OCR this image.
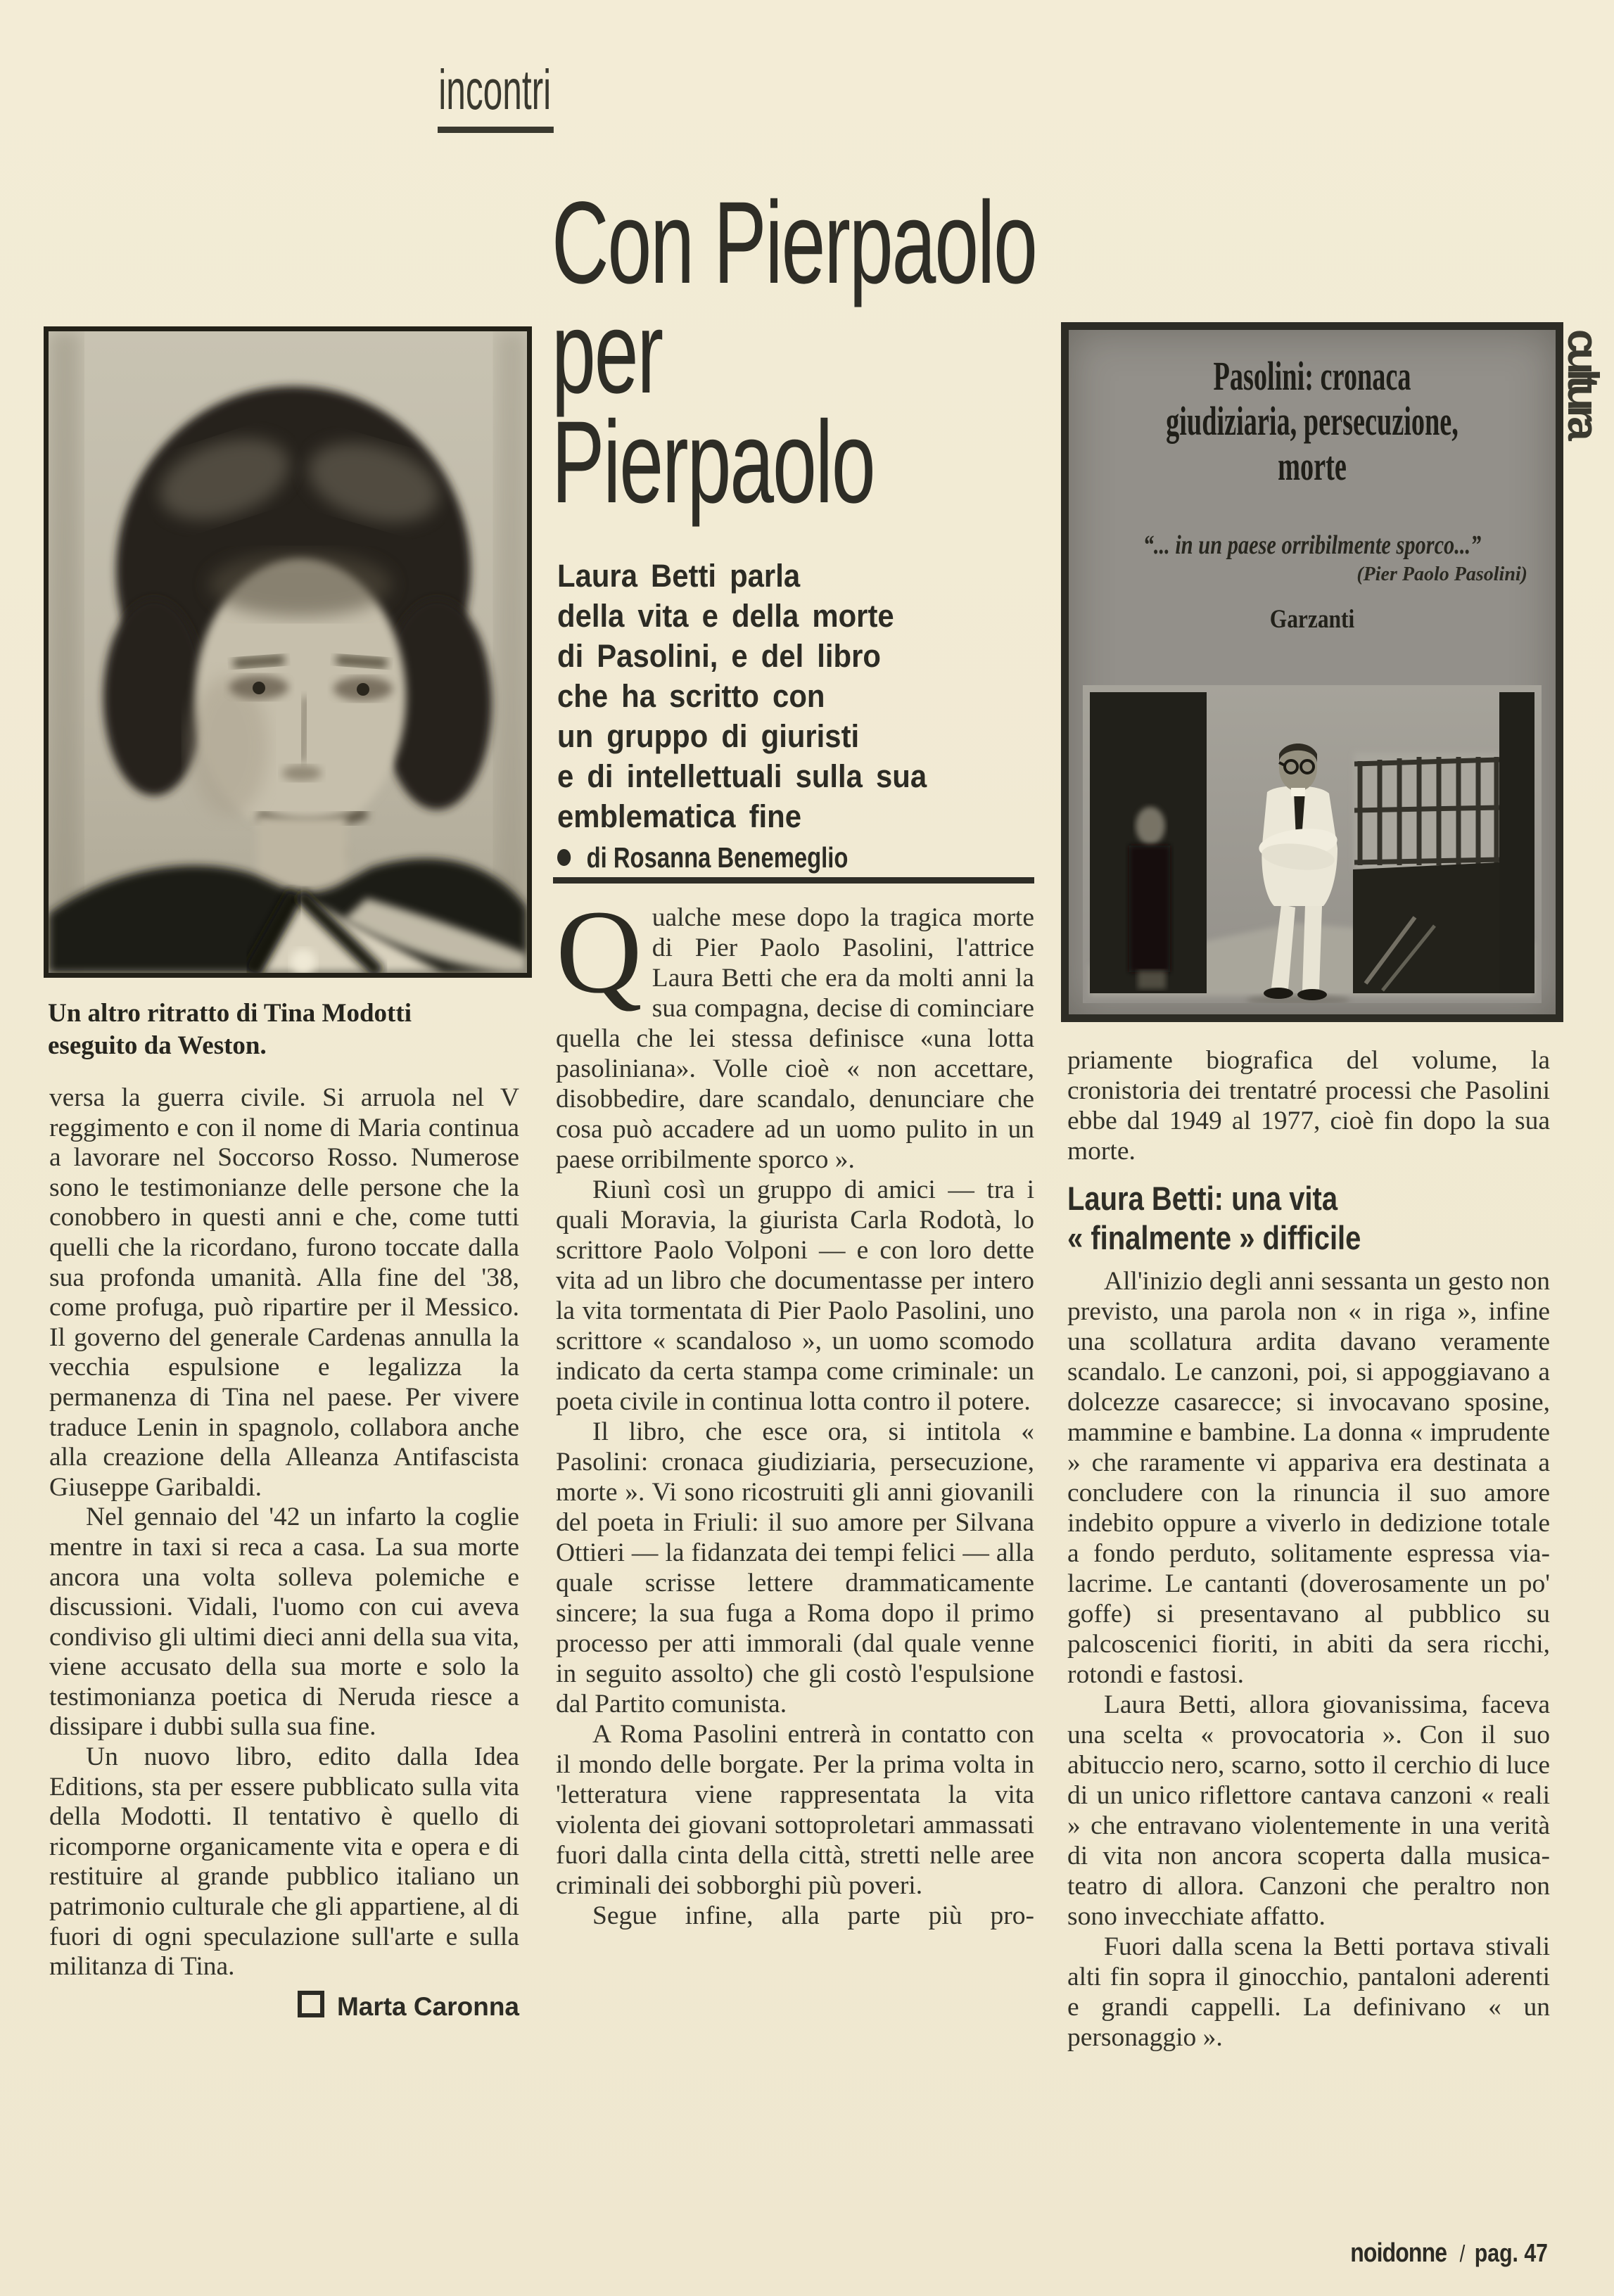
incontri
Con Pierpaolo
per
Pierpaolo
Laura Betti parla
della vita e della morte
di Pasolini, e del libro
che ha scritto con
un gruppo di giuristi
e di intellettuali sulla sua
emblematica fine
di Rosanna Benemeglio
Un altro ritratto di Tina Modotti
eseguito da Weston.

versa la guerra civile. Si arruola nel V reggimento e con il nome di Maria continua a lavorare nel Soccorso Rosso. Numerose sono le testimonianze delle persone che la conobbero in questi anni e che, come tutti quelli che la ricordano, furono toccate dalla sua profonda umanità. Alla fine del '38, come profuga, può ripartire per il Messico. Il governo del generale Cardenas annulla la vecchia espulsione e legalizza la permanenza di Tina nel paese. Per vivere traduce Lenin in spagnolo, collabora anche alla creazione della Alleanza Antifascista Giuseppe Garibaldi.

Nel gennaio del '42 un infarto la coglie mentre in taxi si reca a casa. La sua morte ancora una volta solleva polemiche e discussioni. Vidali, l'uomo con cui aveva condiviso gli ultimi dieci anni della sua vita, viene accusato della sua morte e solo la testimonianza poetica di Neruda riesce a dissipare i dubbi sulla sua fine.

Un nuovo libro, edito dalla Idea Editions, sta per essere pubblicato sulla vita della Modotti. Il tentativo è quello di ricomporne organicamente vita e opera e di restituire al grande pubblico italiano un patrimonio culturale che gli appartiene, al di fuori di ogni speculazione sull'arte e sulla militanza di Tina.

Marta Caronna

Qualche mese dopo la tragica morte di Pier Paolo Pasolini, l'attrice Laura Betti che era da molti anni la sua compagna, decise di cominciare quella che lei stessa definisce «una lotta pasoliniana». Volle cioè « non accettare, disobbedire, dare scandalo, denunciare che cosa può accadere ad un uomo pulito in un paese orribilmente sporco ».

Riunì così un gruppo di amici — tra i quali Moravia, la giurista Carla Rodotà, lo scrittore Paolo Volponi — e con loro dette vita ad un libro che documentasse per intero la vita tormentata di Pier Paolo Pasolini, uno scrittore « scandaloso », un uomo scomodo indicato da certa stampa come criminale: un poeta civile in continua lotta contro il potere.

Il libro, che esce ora, si intitola « Pasolini: cronaca giudiziaria, persecuzione, morte ». Vi sono ricostruiti gli anni giovanili del poeta in Friuli: il suo amore per Silvana Ottieri — la fidanzata dei tempi felici — alla quale scrisse lettere drammaticamente sincere; la sua fuga a Roma dopo il primo processo per atti immorali (dal quale venne in seguito assolto) che gli costò l'espulsione dal Partito comunista.

A Roma Pasolini entrerà in contatto con il mondo delle borgate. Per la prima volta in 'letteratura viene rappresentata la vita violenta dei giovani sottoproletari ammassati fuori dalla cinta della città, stretti nelle aree criminali dei sobborghi più poveri.

Segue infine, alla parte più pro-

Pasolini: cronaca
giudiziaria, persecuzione,
morte
“... in un paese orribilmente sporco...”
(Pier Paolo Pasolini)
Garzanti

priamente biografica del volume, la cronistoria dei trentatré processi che Pasolini ebbe dal 1949 al 1977, cioè fin dopo la sua morte.

Laura Betti: una vita
« finalmente » difficile

All'inizio degli anni sessanta un gesto non previsto, una parola non « in riga », infine una scollatura ardita davano veramente scandalo. Le canzoni, poi, si appoggiavano a dolcezze casarecce; si invocavano sposine, mammine e bambine. La donna « imprudente » che raramente vi appariva era destinata a concludere con la rinuncia il suo amore indebito oppure a viverlo in dedizione totale a fondo perduto, solitamente espressa via-lacrime. Le cantanti (doverosamente un po' goffe) si presentavano al pubblico su palcoscenici fioriti, in abiti da sera ricchi, rotondi e fastosi.

Laura Betti, allora giovanissima, faceva una scelta « provocatoria ». Con il suo abituccio nero, scarno, sotto il cerchio di luce di un unico riflettore cantava canzoni « reali » che entravano violentemente in una verità di vita non ancora scoperta dalla musica-teatro di allora. Canzoni che peraltro non sono invecchiate affatto.

Fuori dalla scena la Betti portava stivali alti fin sopra il ginocchio, pantaloni aderenti e grandi cappelli. La definivano « un personaggio ».

cultura
noidonne / pag. 47
